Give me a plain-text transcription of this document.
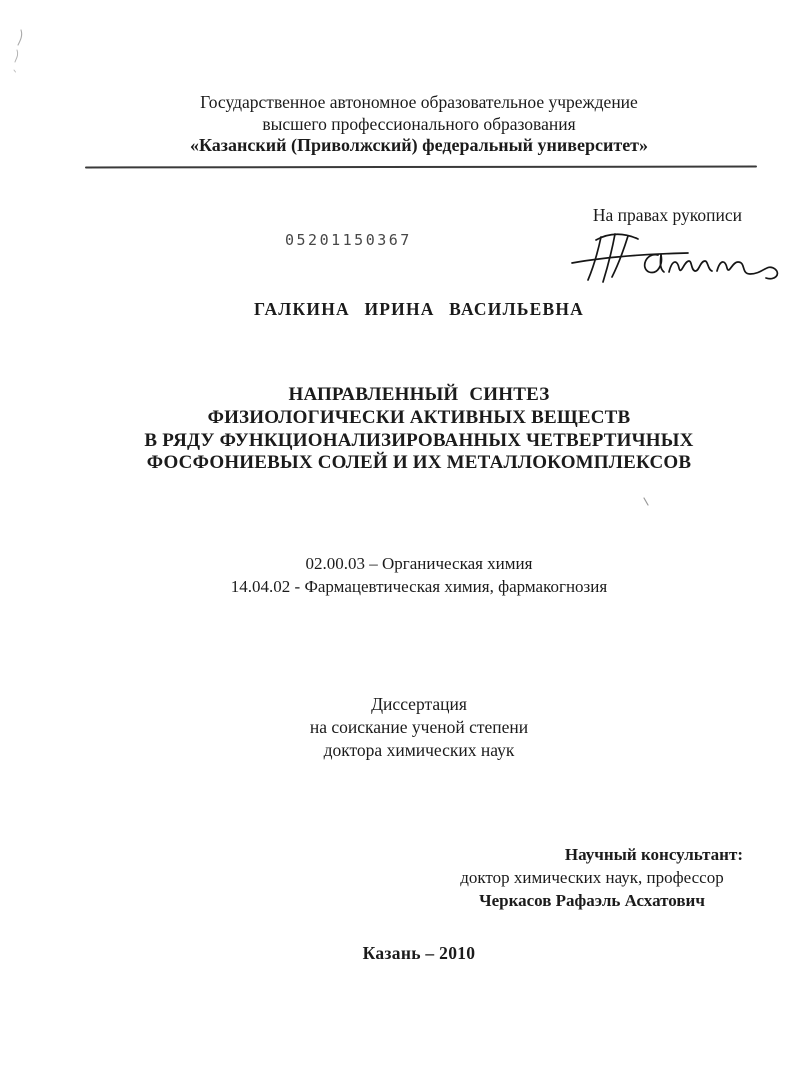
Государственное автономное образовательное учреждение
высшего профессионального образования
«Казанский (Приволжский) федеральный университет»
На правах рукописи
05201150367
ГАЛКИНА ИРИНА ВАСИЛЬЕВНА
НАПРАВЛЕННЫЙ СИНТЕЗ
ФИЗИОЛОГИЧЕСКИ АКТИВНЫХ ВЕЩЕСТВ
В РЯДУ ФУНКЦИОНАЛИЗИРОВАННЫХ ЧЕТВЕРТИЧНЫХ
ФОСФОНИЕВЫХ СОЛЕЙ И ИХ МЕТАЛЛОКОМПЛЕКСОВ
02.00.03 – Органическая химия
14.04.02 - Фармацевтическая химия, фармакогнозия
Диссертация
на соискание ученой степени
доктора химических наук
Научный консультант:
доктор химических наук, профессор
Черкасов Рафаэль Асхатович
Казань – 2010
